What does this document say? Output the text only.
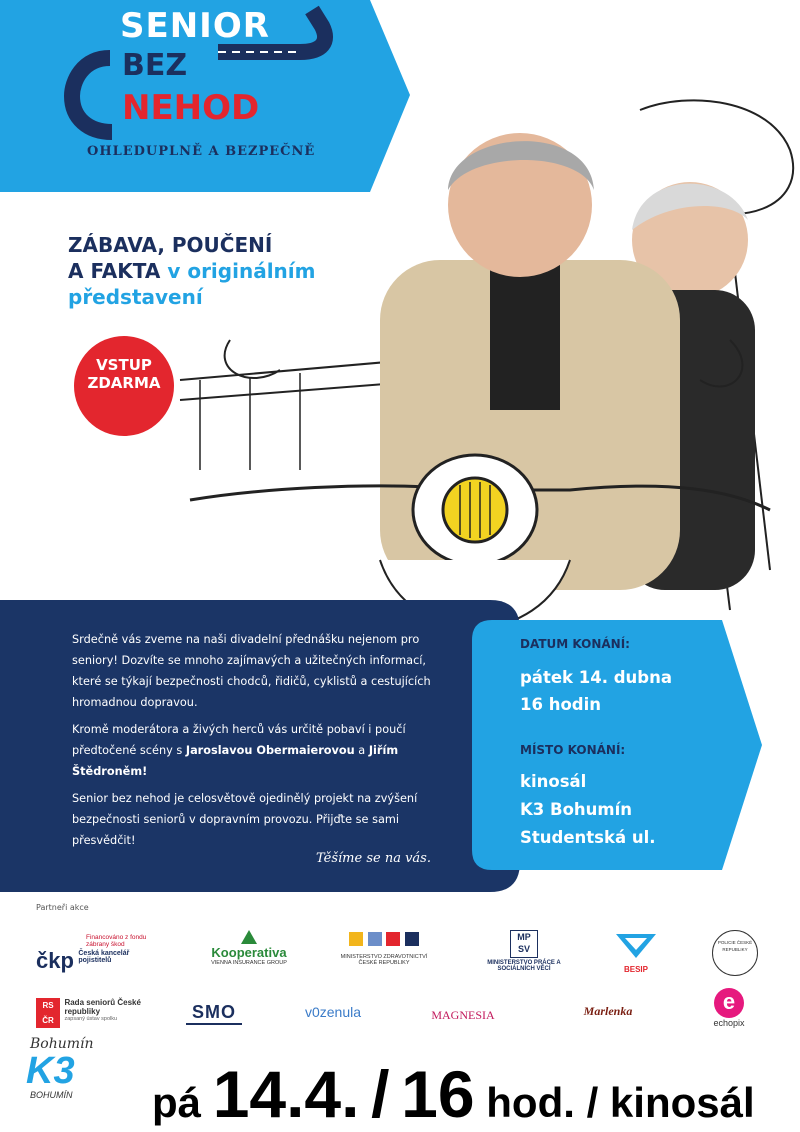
SENIOR
BEZ
NEHOD
OHLEDUPLNĚ A BEZPEČNĚ
ZÁBAVA, POUČENÍ
A FAKTA v originálním
představení
VSTUP
ZDARMA

Srdečně vás zveme na naši divadelní přednášku nejenom pro seniory! Dozvíte se mnoho zajímavých a užitečných informací, které se týkají bezpečnosti chodců, řidičů, cyklistů a cestujících hromadnou dopravou.

Kromě moderátora a živých herců vás určitě pobaví i poučí předtočené scény s Jaroslavou Obermaierovou a Jiřím Štědroněm!

Senior bez nehod je celosvětově ojedinělý projekt na zvýšení bezpečnosti seniorů v dopravním provozu. Přijďte se sami přesvědčit!

Těšíme se na vás.
DATUM KONÁNÍ:
pátek 14. dubna
16 hodin
MÍSTO KONÁNÍ:
kinosál
K3 Bohumín
Studentská ul.
Partneři akce
Financováno z fondu zábrany škod
čkp Česká kancelář pojistitelů
Kooperativa
VIENNA INSURANCE GROUP

MINISTERSTVO ZDRAVOTNICTVÍ ČESKÉ REPUBLIKY
MP SV
MINISTERSTVO PRÁCE A SOCIÁLNÍCH VĚCÍ	BESIP
POLICIE ČESKÉ REPUBLIKY
RS ČR
Rada seniorů České republiky
zapsaný ústav spolku	SMO	v0zenula	MAGNESIA	Marlenka	e
echopix
Bohumín
K3
BOHUMÍN	pá 14.4. / 16 hod. / kinosál
